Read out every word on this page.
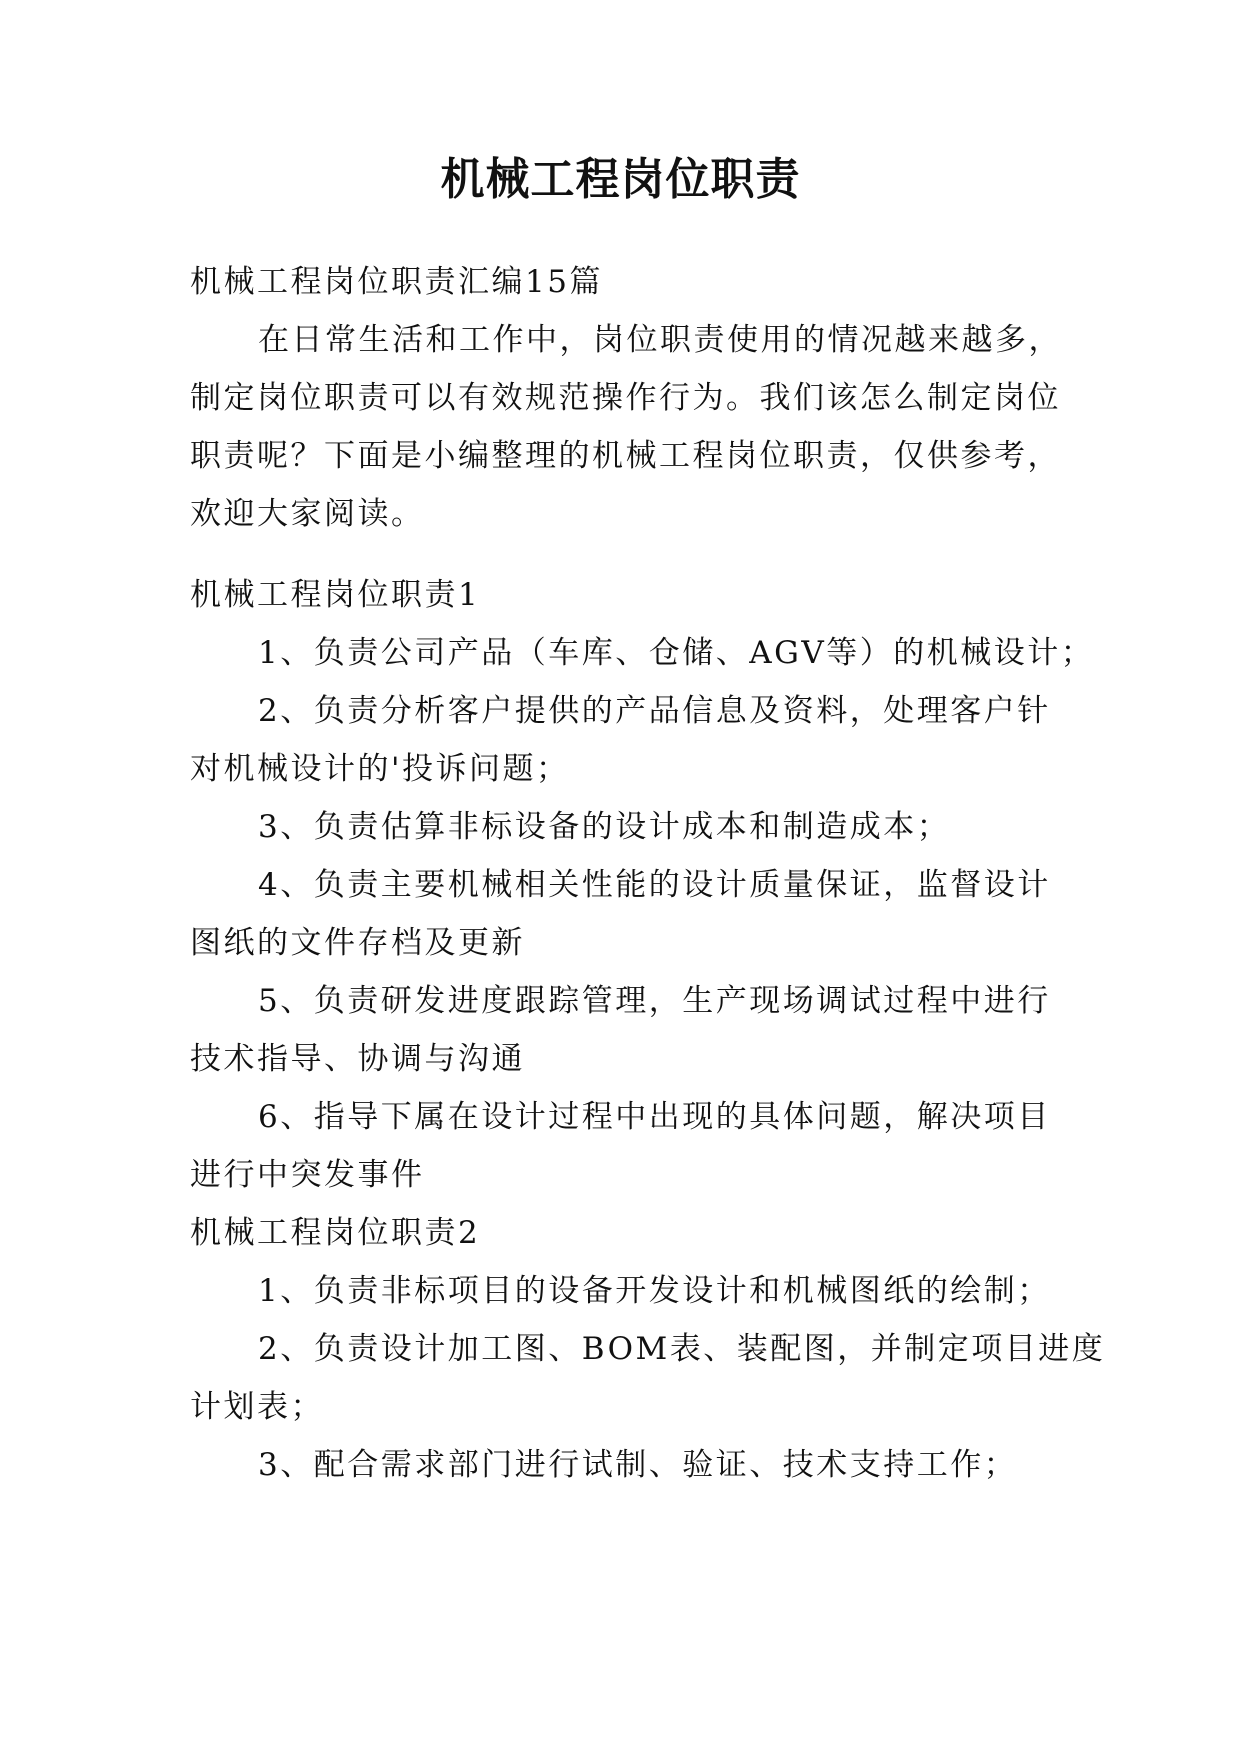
机械工程岗位职责
机械工程岗位职责汇编15篇
在日常生活和工作中，岗位职责使用的情况越来越多，
制定岗位职责可以有效规范操作行为。我们该怎么制定岗位
职责呢？下面是小编整理的机械工程岗位职责，仅供参考，
欢迎大家阅读。
机械工程岗位职责1
1、负责公司产品（车库、仓储、AGV等）的机械设计；
2、负责分析客户提供的产品信息及资料，处理客户针
对机械设计的'投诉问题；
3、负责估算非标设备的设计成本和制造成本；
4、负责主要机械相关性能的设计质量保证，监督设计
图纸的文件存档及更新
5、负责研发进度跟踪管理，生产现场调试过程中进行
技术指导、协调与沟通
6、指导下属在设计过程中出现的具体问题，解决项目
进行中突发事件
机械工程岗位职责2
1、负责非标项目的设备开发设计和机械图纸的绘制；
2、负责设计加工图、BOM表、装配图，并制定项目进度
计划表；
3、配合需求部门进行试制、验证、技术支持工作；
